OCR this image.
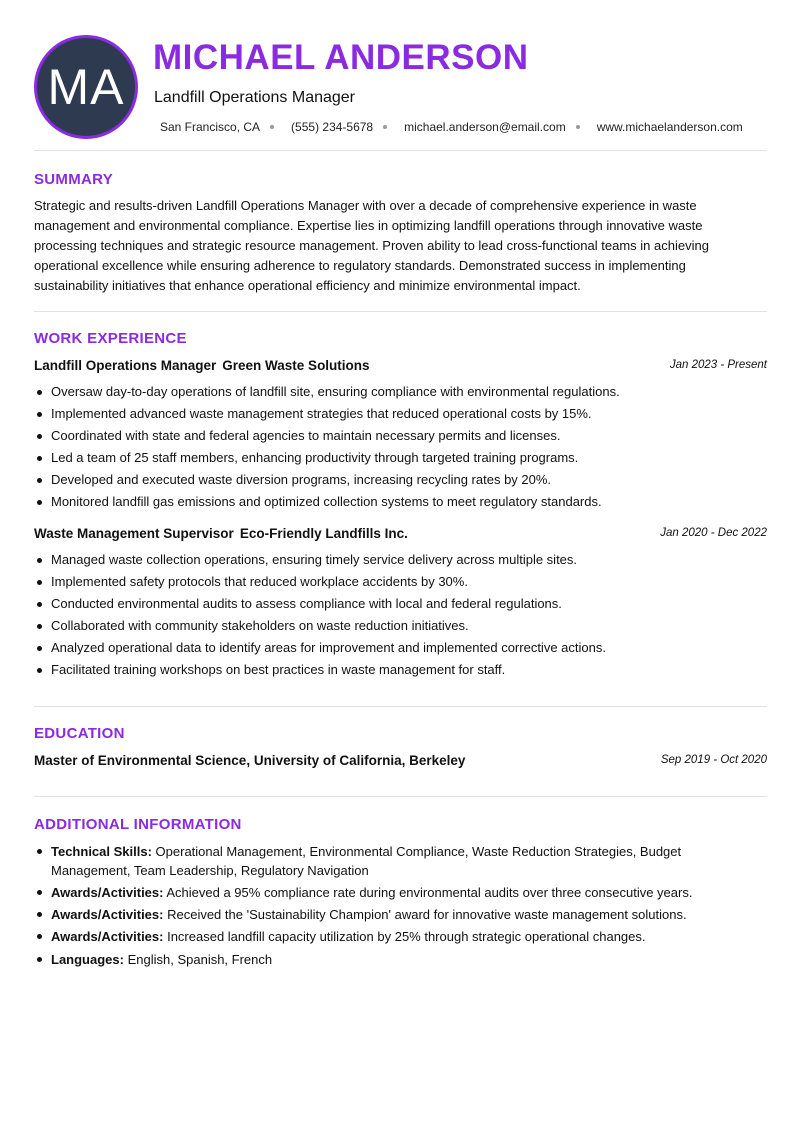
MA
MICHAEL ANDERSON
Landfill Operations Manager
San Francisco, CA	(555) 234-5678	michael.anderson@email.com	www.michaelanderson.com
SUMMARY
Strategic and results-driven Landfill Operations Manager with over a decade of comprehensive experience in waste management and environmental compliance. Expertise lies in optimizing landfill operations through innovative waste processing techniques and strategic resource management. Proven ability to lead cross-functional teams in achieving operational excellence while ensuring adherence to regulatory standards. Demonstrated success in implementing sustainability initiatives that enhance operational efficiency and minimize environmental impact.
WORK EXPERIENCE
Landfill Operations Manager Green Waste Solutions	Jan 2023 - Present
Oversaw day-to-day operations of landfill site, ensuring compliance with environmental regulations.
Implemented advanced waste management strategies that reduced operational costs by 15%.
Coordinated with state and federal agencies to maintain necessary permits and licenses.
Led a team of 25 staff members, enhancing productivity through targeted training programs.
Developed and executed waste diversion programs, increasing recycling rates by 20%.
Monitored landfill gas emissions and optimized collection systems to meet regulatory standards.
Waste Management Supervisor Eco-Friendly Landfills Inc.	Jan 2020 - Dec 2022
Managed waste collection operations, ensuring timely service delivery across multiple sites.
Implemented safety protocols that reduced workplace accidents by 30%.
Conducted environmental audits to assess compliance with local and federal regulations.
Collaborated with community stakeholders on waste reduction initiatives.
Analyzed operational data to identify areas for improvement and implemented corrective actions.
Facilitated training workshops on best practices in waste management for staff.
EDUCATION
Master of Environmental Science, University of California, Berkeley	Sep 2019 - Oct 2020
ADDITIONAL INFORMATION
Technical Skills: Operational Management, Environmental Compliance, Waste Reduction Strategies, Budget Management, Team Leadership, Regulatory Navigation
Awards/Activities: Achieved a 95% compliance rate during environmental audits over three consecutive years.
Awards/Activities: Received the 'Sustainability Champion' award for innovative waste management solutions.
Awards/Activities: Increased landfill capacity utilization by 25% through strategic operational changes.
Languages: English, Spanish, French
